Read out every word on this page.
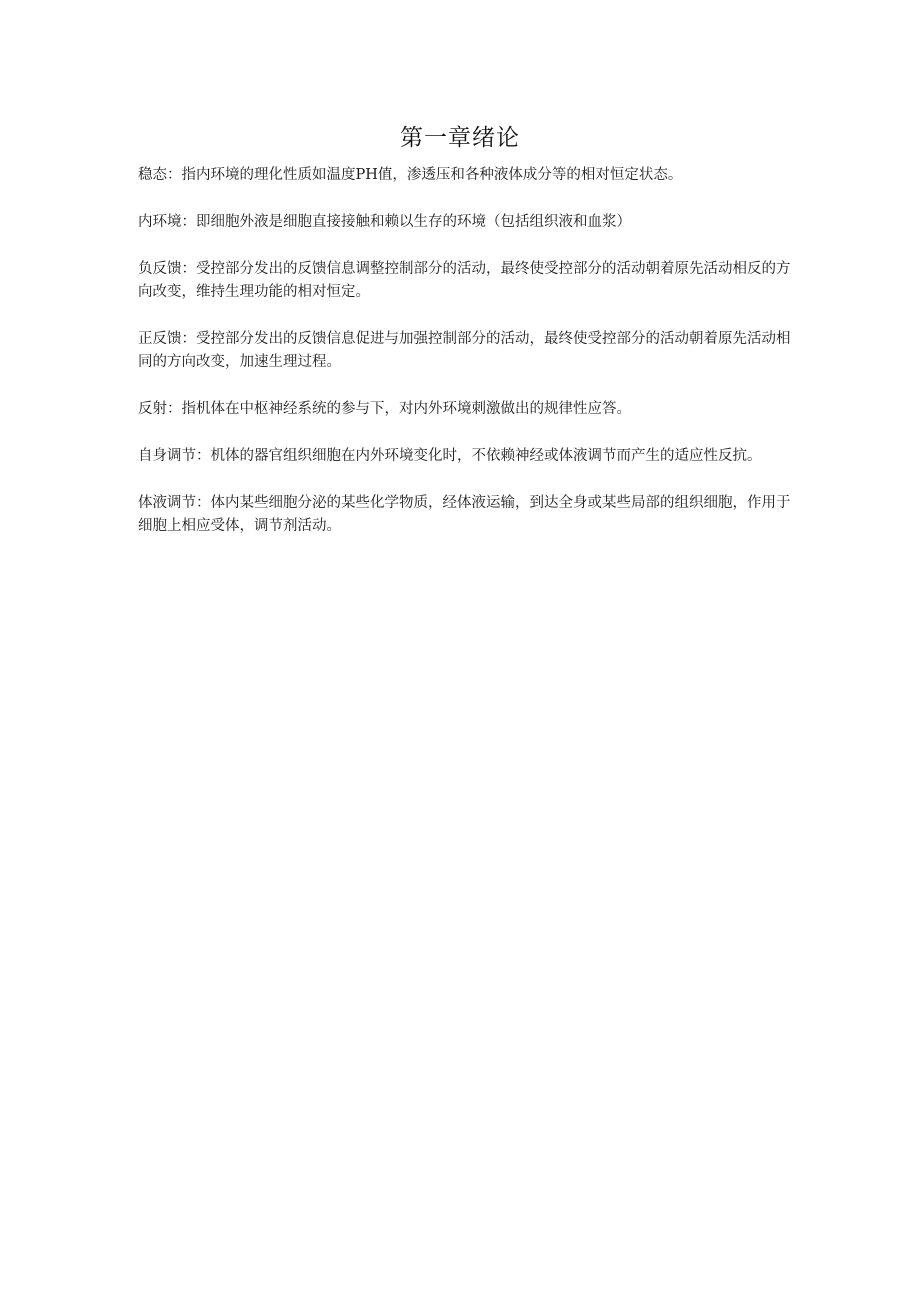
第一章绪论

稳态：指内环境的理化性质如温度PH值，渗透压和各种液体成分等的相对恒定状态。

内环境：即细胞外液是细胞直接接触和赖以生存的环境（包括组织液和血浆）

负反馈：受控部分发出的反馈信息调整控制部分的活动，最终使受控部分的活动朝着原先活动相反的方向改变，维持生理功能的相对恒定。

正反馈：受控部分发出的反馈信息促进与加强控制部分的活动，最终使受控部分的活动朝着原先活动相同的方向改变，加速生理过程。

反射：指机体在中枢神经系统的参与下，对内外环境刺激做出的规律性应答。

自身调节：机体的器官组织细胞在内外环境变化时，不依赖神经或体液调节而产生的适应性反抗。

体液调节：体内某些细胞分泌的某些化学物质，经体液运输，到达全身或某些局部的组织细胞，作用于细胞上相应受体，调节剂活动。
